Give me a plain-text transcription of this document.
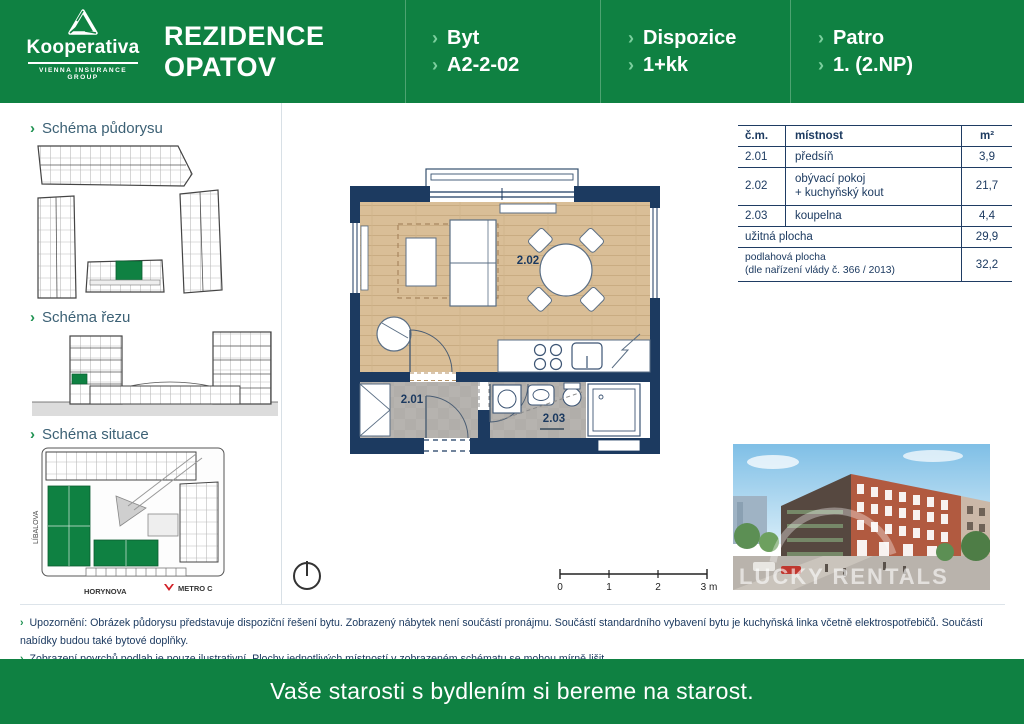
Kooperativa
VIENNA INSURANCE GROUP
REZIDENCE
OPATOV
› Byt
› A2-2-02
› Dispozice
› 1+kk
› Patro
› 1. (2.NP)
› Schéma půdorysu
› Schéma řezu
› Schéma situace
LÍBALOVA
HORYNOVA	METRO C
2.01
2.02
2.03
0	1	2	3 m
č.m.	místnost	m²
2.01	předsíň	3,9
2.02	obývací pokoj
+ kuchyňský kout	21,7
2.03	koupelna	4,4
užitná plocha		29,9

podlahová plocha
(dle nařízení vlády č. 366 / 2013)		32,2
LUCKY RENTALS
› Upozornění: Obrázek půdorysu představuje dispoziční řešení bytu. Zobrazený nábytek není součástí pronájmu. Součástí standardního vybavení bytu je kuchyňská linka včetně elektrospotřebičů. Součástí nabídky budou také bytové doplňky.
Vaše starosti s bydlením si bereme na starost.
